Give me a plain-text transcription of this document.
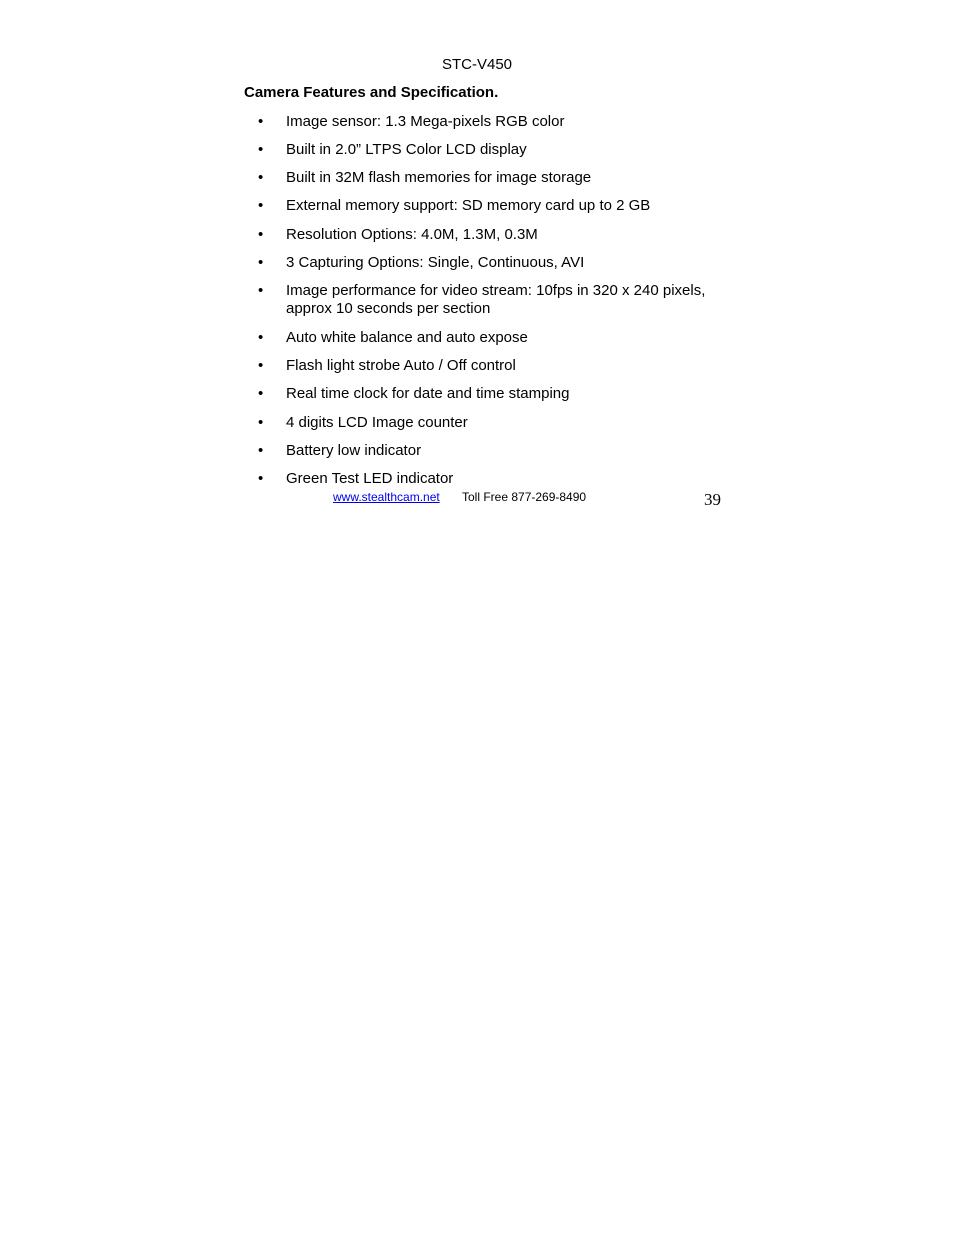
STC-V450
Camera Features and Specification.
• Image sensor: 1.3 Mega-pixels RGB color
• Built in 2.0” LTPS Color LCD display
• Built in 32M flash memories for image storage
• External memory support: SD memory card up to 2 GB
• Resolution Options: 4.0M, 1.3M, 0.3M
• 3 Capturing Options: Single, Continuous, AVI
• Image performance for video stream: 10fps in 320 x 240 pixels, approx 10 seconds per section
• Auto white balance and auto expose
• Flash light strobe Auto / Off control
• Real time clock for date and time stamping
• 4 digits LCD Image counter
• Battery low indicator
• Green Test LED indicator
www.stealthcam.net Toll Free 877-269-8490	39
